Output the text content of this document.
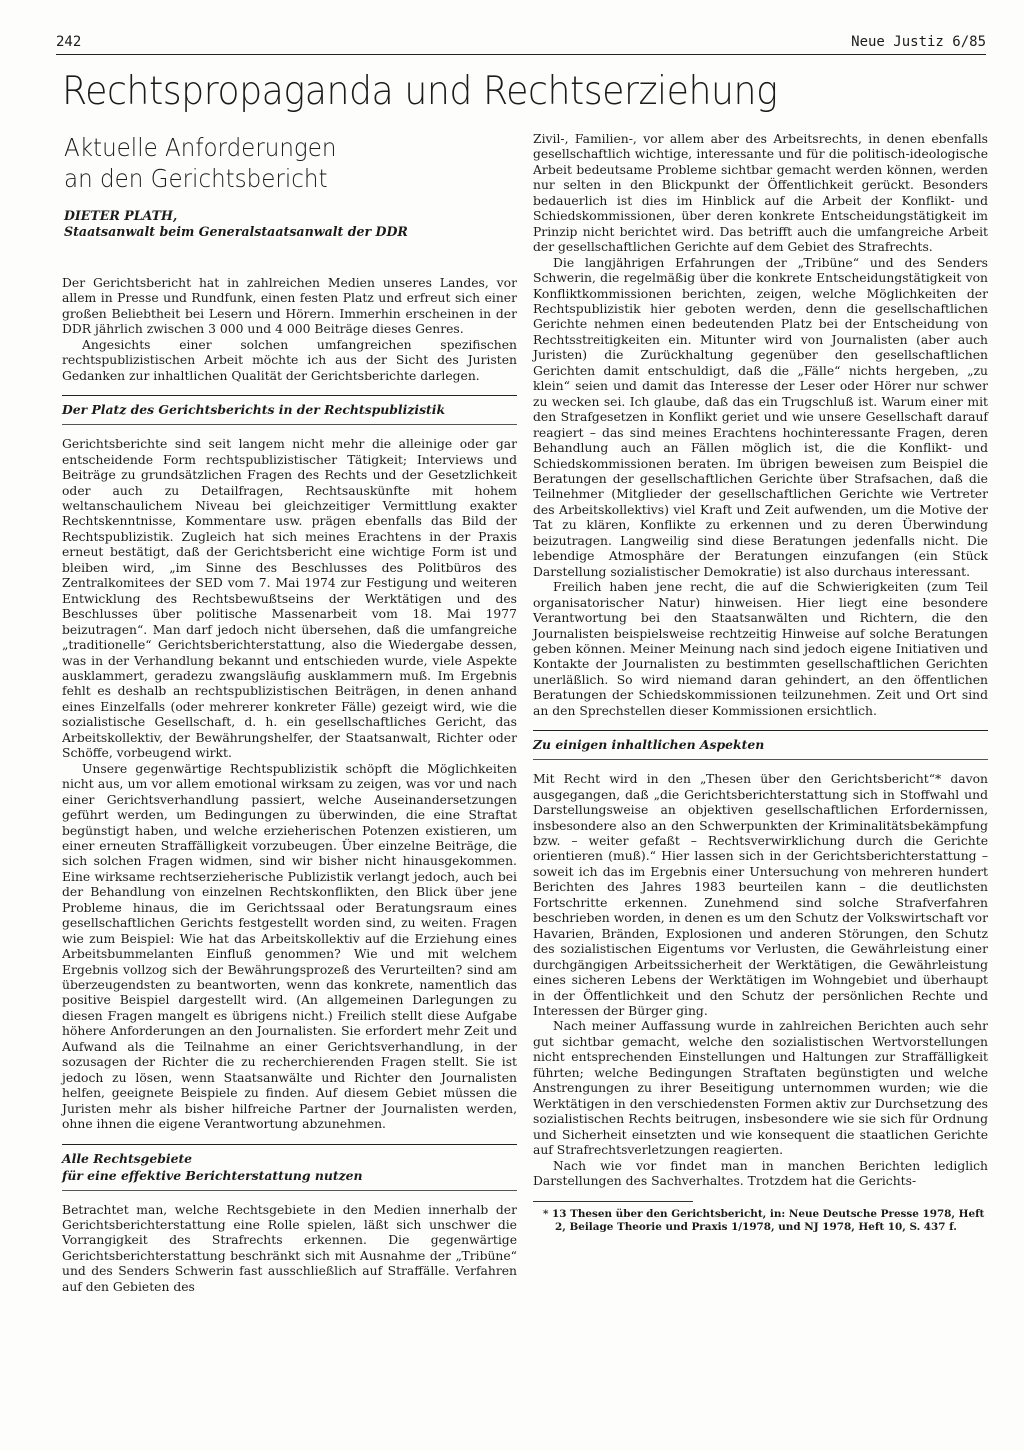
242	Neue Justiz 6/85
Rechtspropaganda und Rechtserziehung
Aktuelle Anforderungen
an den Gerichtsbericht
DIETER PLATH,
Staatsanwalt beim Generalstaatsanwalt der DDR

Der Gerichtsbericht hat in zahlreichen Medien unseres Landes, vor allem in Presse und Rundfunk, einen festen Platz und erfreut sich einer großen Beliebtheit bei Lesern und Hörern. Immerhin erscheinen in der DDR jährlich zwischen 3 000 und 4 000 Beiträge dieses Genres.

Angesichts einer solchen umfangreichen spezifischen rechtspublizistischen Arbeit möchte ich aus der Sicht des Juristen Gedanken zur inhaltlichen Qualität der Gerichtsberichte darlegen.

Der Platz des Gerichtsberichts in der Rechtspublizistik

Gerichtsberichte sind seit langem nicht mehr die alleinige oder gar entscheidende Form rechtspublizistischer Tätigkeit; Interviews und Beiträge zu grundsätzlichen Fragen des Rechts und der Gesetzlichkeit oder auch zu Detailfragen, Rechtsauskünfte mit hohem weltanschaulichem Niveau bei gleichzeitiger Vermittlung exakter Rechtskenntnisse, Kommentare usw. prägen ebenfalls das Bild der Rechtspublizistik. Zugleich hat sich meines Erachtens in der Praxis erneut bestätigt, daß der Gerichtsbericht eine wichtige Form ist und bleiben wird, „im Sinne des Beschlusses des Politbüros des Zentralkomitees der SED vom 7. Mai 1974 zur Festigung und weiteren Entwicklung des Rechtsbewußtseins der Werktätigen und des Beschlusses über politische Massenarbeit vom 18. Mai 1977 beizutragen“. Man darf jedoch nicht übersehen, daß die umfangreiche „traditionelle“ Gerichtsberichterstattung, also die Wiedergabe dessen, was in der Verhandlung bekannt und entschieden wurde, viele Aspekte ausklammert, geradezu zwangsläufig ausklammern muß. Im Ergebnis fehlt es deshalb an rechtspublizistischen Beiträgen, in denen anhand eines Einzelfalls (oder mehrerer konkreter Fälle) gezeigt wird, wie die sozialistische Gesellschaft, d. h. ein gesellschaftliches Gericht, das Arbeitskollektiv, der Bewährungshelfer, der Staatsanwalt, Richter oder Schöffe, vorbeugend wirkt.

Unsere gegenwärtige Rechtspublizistik schöpft die Möglichkeiten nicht aus, um vor allem emotional wirksam zu zeigen, was vor und nach einer Gerichtsverhandlung passiert, welche Auseinandersetzungen geführt werden, um Bedingungen zu überwinden, die eine Straftat begünstigt haben, und welche erzieherischen Potenzen existieren, um einer erneuten Straffälligkeit vorzubeugen. Über einzelne Beiträge, die sich solchen Fragen widmen, sind wir bisher nicht hinausgekommen. Eine wirksame rechtserzieherische Publizistik verlangt jedoch, auch bei der Behandlung von einzelnen Rechtskonflikten, den Blick über jene Probleme hinaus, die im Gerichtssaal oder Beratungsraum eines gesellschaftlichen Gerichts festgestellt worden sind, zu weiten. Fragen wie zum Beispiel: Wie hat das Arbeitskollektiv auf die Erziehung eines Arbeitsbummelanten Einfluß genommen? Wie und mit welchem Ergebnis vollzog sich der Bewährungsprozeß des Verurteilten? sind am überzeugendsten zu beantworten, wenn das konkrete, namentlich das positive Beispiel dargestellt wird. (An allgemeinen Darlegungen zu diesen Fragen mangelt es übrigens nicht.) Freilich stellt diese Aufgabe höhere Anforderungen an den Journalisten. Sie erfordert mehr Zeit und Aufwand als die Teilnahme an einer Gerichtsverhandlung, in der sozusagen der Richter die zu recherchierenden Fragen stellt. Sie ist jedoch zu lösen, wenn Staatsanwälte und Richter den Journalisten helfen, geeignete Beispiele zu finden. Auf diesem Gebiet müssen die Juristen mehr als bisher hilfreiche Partner der Journalisten werden, ohne ihnen die eigene Verantwortung abzunehmen.

Alle Rechtsgebiete
für eine effektive Berichterstattung nutzen

Betrachtet man, welche Rechtsgebiete in den Medien innerhalb der Gerichtsberichterstattung eine Rolle spielen, läßt sich unschwer die Vorrangigkeit des Strafrechts erkennen. Die gegenwärtige Gerichtsberichterstattung beschränkt sich mit Ausnahme der „Tribüne“ und des Senders Schwerin fast ausschließlich auf Straffälle. Verfahren auf den Gebieten des

Zivil-, Familien-, vor allem aber des Arbeitsrechts, in denen ebenfalls gesellschaftlich wichtige, interessante und für die politisch-ideologische Arbeit bedeutsame Probleme sichtbar gemacht werden können, werden nur selten in den Blickpunkt der Öffentlichkeit gerückt. Besonders bedauerlich ist dies im Hinblick auf die Arbeit der Konflikt- und Schiedskommissionen, über deren konkrete Entscheidungstätigkeit im Prinzip nicht berichtet wird. Das betrifft auch die umfangreiche Arbeit der gesellschaftlichen Gerichte auf dem Gebiet des Strafrechts.

Die langjährigen Erfahrungen der „Tribüne“ und des Senders Schwerin, die regelmäßig über die konkrete Entscheidungstätigkeit von Konfliktkommissionen berichten, zeigen, welche Möglichkeiten der Rechtspublizistik hier geboten werden, denn die gesellschaftlichen Gerichte nehmen einen bedeutenden Platz bei der Entscheidung von Rechtsstreitigkeiten ein. Mitunter wird von Journalisten (aber auch Juristen) die Zurückhaltung gegenüber den gesellschaftlichen Gerichten damit entschuldigt, daß die „Fälle“ nichts hergeben, „zu klein“ seien und damit das Interesse der Leser oder Hörer nur schwer zu wecken sei. Ich glaube, daß das ein Trugschluß ist. Warum einer mit den Strafgesetzen in Konflikt geriet und wie unsere Gesellschaft darauf reagiert – das sind meines Erachtens hochinteressante Fragen, deren Behandlung auch an Fällen möglich ist, die die Konflikt- und Schiedskommissionen beraten. Im übrigen beweisen zum Beispiel die Beratungen der gesellschaftlichen Gerichte über Strafsachen, daß die Teilnehmer (Mitglieder der gesellschaftlichen Gerichte wie Vertreter des Arbeitskollektivs) viel Kraft und Zeit aufwenden, um die Motive der Tat zu klären, Konflikte zu erkennen und zu deren Überwindung beizutragen. Langweilig sind diese Beratungen jedenfalls nicht. Die lebendige Atmosphäre der Beratungen einzufangen (ein Stück Darstellung sozialistischer Demokratie) ist also durchaus interessant.

Freilich haben jene recht, die auf die Schwierigkeiten (zum Teil organisatorischer Natur) hinweisen. Hier liegt eine besondere Verantwortung bei den Staatsanwälten und Richtern, die den Journalisten beispielsweise rechtzeitig Hinweise auf solche Beratungen geben können. Meiner Meinung nach sind jedoch eigene Initiativen und Kontakte der Journalisten zu bestimmten gesellschaftlichen Gerichten unerläßlich. So wird niemand daran gehindert, an den öffentlichen Beratungen der Schiedskommissionen teilzunehmen. Zeit und Ort sind an den Sprechstellen dieser Kommissionen ersichtlich.

Zu einigen inhaltlichen Aspekten

Mit Recht wird in den „Thesen über den Gerichtsbericht“* davon ausgegangen, daß „die Gerichtsberichterstattung sich in Stoffwahl und Darstellungsweise an objektiven gesellschaftlichen Erfordernissen, insbesondere also an den Schwerpunkten der Kriminalitätsbekämpfung bzw. – weiter gefaßt – Rechtsverwirklichung durch die Gerichte orientieren (muß).“ Hier lassen sich in der Gerichtsberichterstattung – soweit ich das im Ergebnis einer Untersuchung von mehreren hundert Berichten des Jahres 1983 beurteilen kann – die deutlichsten Fortschritte erkennen. Zunehmend sind solche Strafverfahren beschrieben worden, in denen es um den Schutz der Volkswirtschaft vor Havarien, Bränden, Explosionen und anderen Störungen, den Schutz des sozialistischen Eigentums vor Verlusten, die Gewährleistung einer durchgängigen Arbeitssicherheit der Werktätigen, die Gewährleistung eines sicheren Lebens der Werktätigen im Wohngebiet und überhaupt in der Öffentlichkeit und den Schutz der persönlichen Rechte und Interessen der Bürger ging.

Nach meiner Auffassung wurde in zahlreichen Berichten auch sehr gut sichtbar gemacht, welche den sozialistischen Wertvorstellungen nicht entsprechenden Einstellungen und Haltungen zur Straffälligkeit führten; welche Bedingungen Straftaten begünstigten und welche Anstrengungen zu ihrer Beseitigung unternommen wurden; wie die Werktätigen in den verschiedensten Formen aktiv zur Durchsetzung des sozialistischen Rechts beitrugen, insbesondere wie sie sich für Ordnung und Sicherheit einsetzten und wie konsequent die staatlichen Gerichte auf Strafrechtsverletzungen reagierten.

Nach wie vor findet man in manchen Berichten lediglich Darstellungen des Sachverhaltes. Trotzdem hat die Gerichts-

* 13 Thesen über den Gerichtsbericht, in: Neue Deutsche Presse 1978, Heft 2, Beilage Theorie und Praxis 1/1978, und NJ 1978, Heft 10, S. 437 f.
